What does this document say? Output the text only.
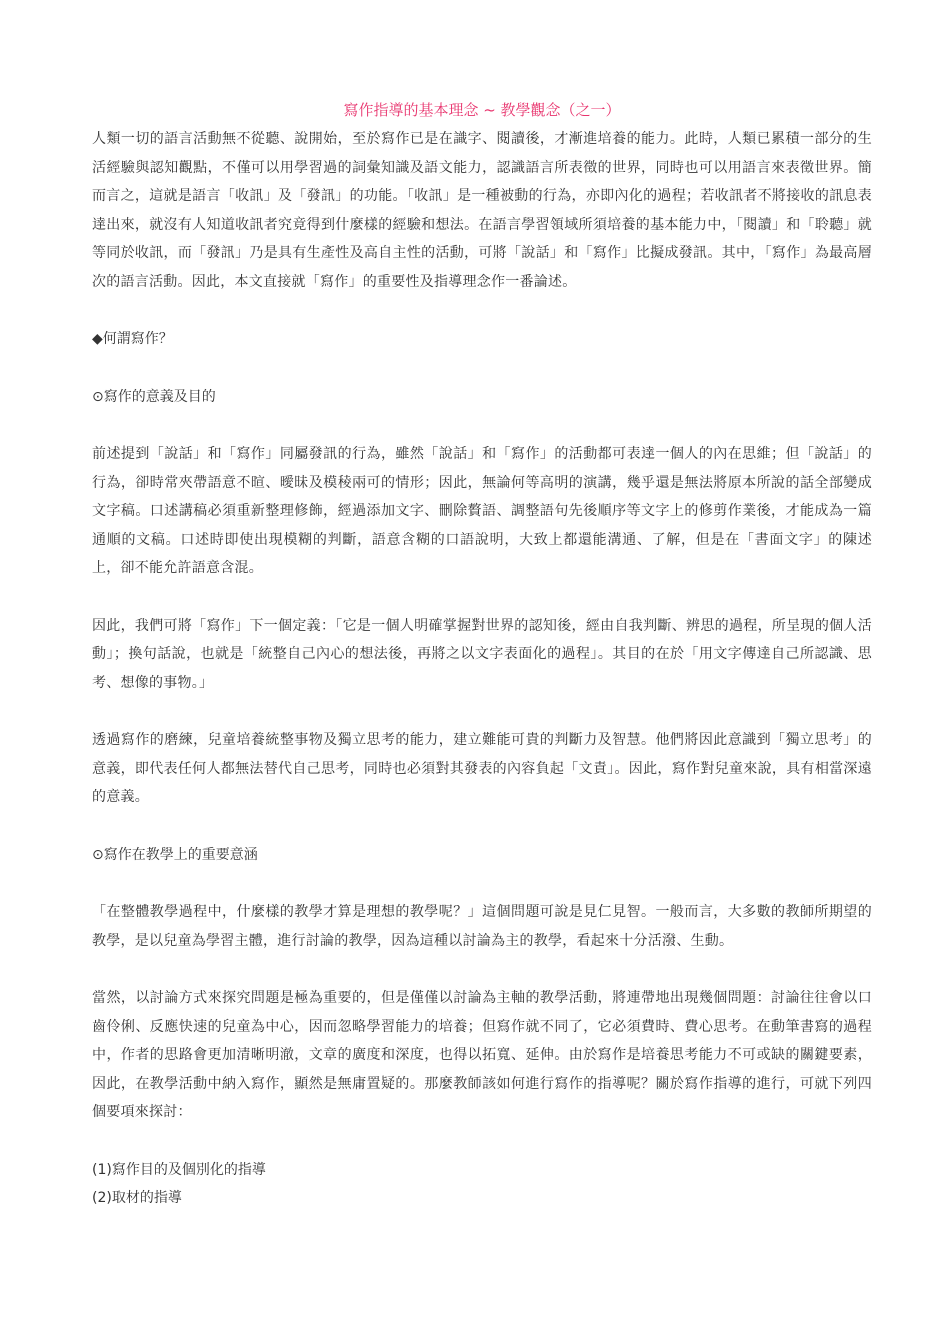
寫作指導的基本理念 ~ 教學觀念（之一）

人類一切的語言活動無不從聽、說開始，至於寫作已是在識字、閱讀後，才漸進培養的能力。此時，人類已累積一部分的生活經驗與認知觀點，不僅可以用學習過的詞彙知識及語文能力，認識語言所表徵的世界，同時也可以用語言來表徵世界。簡而言之，這就是語言「收訊」及「發訊」的功能。「收訊」是一種被動的行為，亦即內化的過程；若收訊者不將接收的訊息表達出來，就沒有人知道收訊者究竟得到什麼樣的經驗和想法。在語言學習領域所須培養的基本能力中，「閱讀」和「聆聽」就等同於收訊，而「發訊」乃是具有生產性及高自主性的活動，可將「說話」和「寫作」比擬成發訊。其中，「寫作」為最高層次的語言活動。因此，本文直接就「寫作」的重要性及指導理念作一番論述。

◆何謂寫作？

⊙寫作的意義及目的

前述提到「說話」和「寫作」同屬發訊的行為，雖然「說話」和「寫作」的活動都可表達一個人的內在思維；但「說話」的行為，卻時常夾帶語意不暄、曖昧及模稜兩可的情形；因此，無論何等高明的演講，幾乎還是無法將原本所說的話全部變成文字稿。口述講稿必須重新整理修飾，經過添加文字、刪除贅語、調整語句先後順序等文字上的修剪作業後，才能成為一篇通順的文稿。口述時即使出現模糊的判斷，語意含糊的口語說明，大致上都還能溝通、了解，但是在「書面文字」的陳述上，卻不能允許語意含混。

因此，我們可將「寫作」下一個定義：「它是一個人明確掌握對世界的認知後，經由自我判斷、辨思的過程，所呈現的個人活動」；換句話說，也就是「統整自己內心的想法後，再將之以文字表面化的過程」。其目的在於「用文字傳達自己所認識、思考、想像的事物。」

透過寫作的磨練，兒童培養統整事物及獨立思考的能力，建立難能可貴的判斷力及智慧。他們將因此意識到「獨立思考」的意義，即代表任何人都無法替代自己思考，同時也必須對其發表的內容負起「文責」。因此，寫作對兒童來說，具有相當深遠的意義。

⊙寫作在教學上的重要意涵

「在整體教學過程中，什麼樣的教學才算是理想的教學呢？」這個問題可說是見仁見智。一般而言，大多數的教師所期望的教學，是以兒童為學習主體，進行討論的教學，因為這種以討論為主的教學，看起來十分活潑、生動。

當然，以討論方式來探究問題是極為重要的，但是僅僅以討論為主軸的教學活動，將連帶地出現幾個問題：討論往往會以口齒伶俐、反應快速的兒童為中心，因而忽略學習能力的培養；但寫作就不同了，它必須費時、費心思考。在動筆書寫的過程中，作者的思路會更加清晰明澈，文章的廣度和深度，也得以拓寬、延伸。由於寫作是培養思考能力不可或缺的關鍵要素，因此，在教學活動中納入寫作，顯然是無庸置疑的。那麼教師該如何進行寫作的指導呢？關於寫作指導的進行，可就下列四個要項來探討：

(1)寫作目的及個別化的指導

(2)取材的指導
